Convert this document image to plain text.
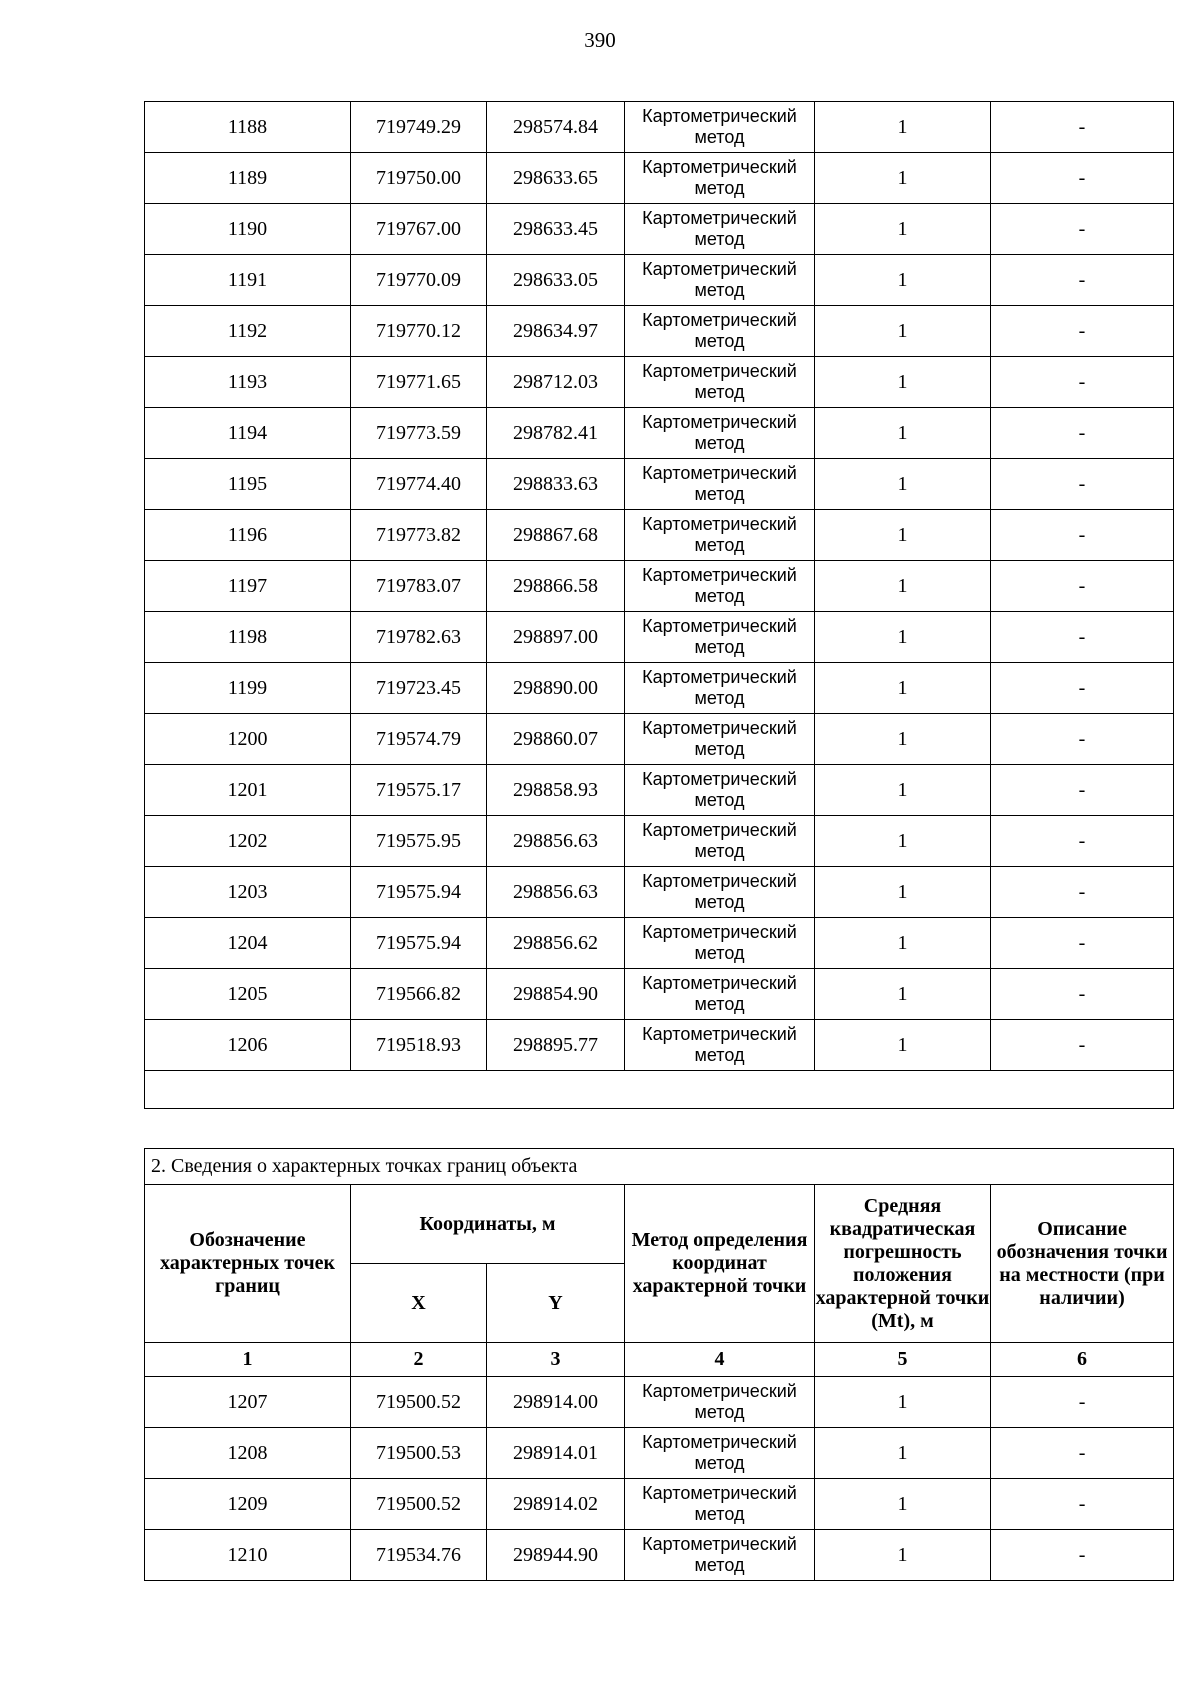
390
1188	719749.29	298574.84	Картометрический метод	1	-
1189	719750.00	298633.65	Картометрический метод	1	-
1190	719767.00	298633.45	Картометрический метод	1	-
1191	719770.09	298633.05	Картометрический метод	1	-
1192	719770.12	298634.97	Картометрический метод	1	-
1193	719771.65	298712.03	Картометрический метод	1	-
1194	719773.59	298782.41	Картометрический метод	1	-
1195	719774.40	298833.63	Картометрический метод	1	-
1196	719773.82	298867.68	Картометрический метод	1	-
1197	719783.07	298866.58	Картометрический метод	1	-
1198	719782.63	298897.00	Картометрический метод	1	-
1199	719723.45	298890.00	Картометрический метод	1	-
1200	719574.79	298860.07	Картометрический метод	1	-
1201	719575.17	298858.93	Картометрический метод	1	-
1202	719575.95	298856.63	Картометрический метод	1	-
1203	719575.94	298856.63	Картометрический метод	1	-
1204	719575.94	298856.62	Картометрический метод	1	-
1205	719566.82	298854.90	Картометрический метод	1	-
1206	719518.93	298895.77	Картометрический метод	1	-

2. Сведения о характерных точках границ объекта					
Обозначение характерных точек границ	Координаты, м		Метод определения координат характерной точки	Средняя квадратическая погрешность положения характерной точки (Mt), м	Описание обозначения точки на местности (при наличии)
	X	Y			
1	2	3	4	5	6
1207	719500.52	298914.00	Картометрический метод	1	-
1208	719500.53	298914.01	Картометрический метод	1	-
1209	719500.52	298914.02	Картометрический метод	1	-
1210	719534.76	298944.90	Картометрический метод	1	-
